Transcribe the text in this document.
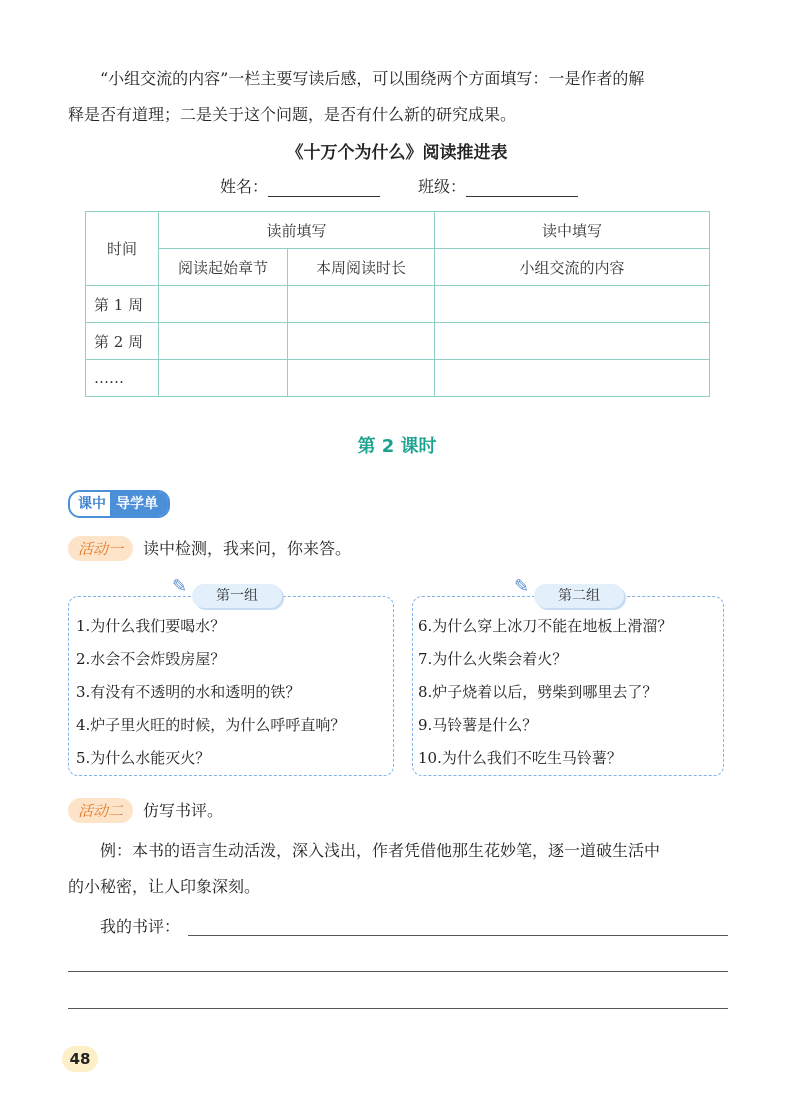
“小组交流的内容”一栏主要写读后感，可以围绕两个方面填写：一是作者的解
释是否有道理；二是关于这个问题，是否有什么新的研究成果。
《十万个为什么》阅读推进表
姓名：	班级：
时间	读前填写		读中填写
	阅读起始章节	本周阅读时长	小组交流的内容
第 1 周			
第 2 周			
……			
第 2 课时
课中 导学单
活动一 读中检测，我来问，你来答。
✎	第一组
1.为什么我们要喝水？
2.水会不会炸毁房屋？
3.有没有不透明的水和透明的铁？
4.炉子里火旺的时候，为什么呼呼直响？
5.为什么水能灭火？
✎	第二组
6.为什么穿上冰刀不能在地板上滑溜？
7.为什么火柴会着火？
8.炉子烧着以后，劈柴到哪里去了？
9.马铃薯是什么？
10.为什么我们不吃生马铃薯？
活动二 仿写书评。
例：本书的语言生动活泼，深入浅出，作者凭借他那生花妙笔，逐一道破生活中
的小秘密，让人印象深刻。
我的书评：
48
